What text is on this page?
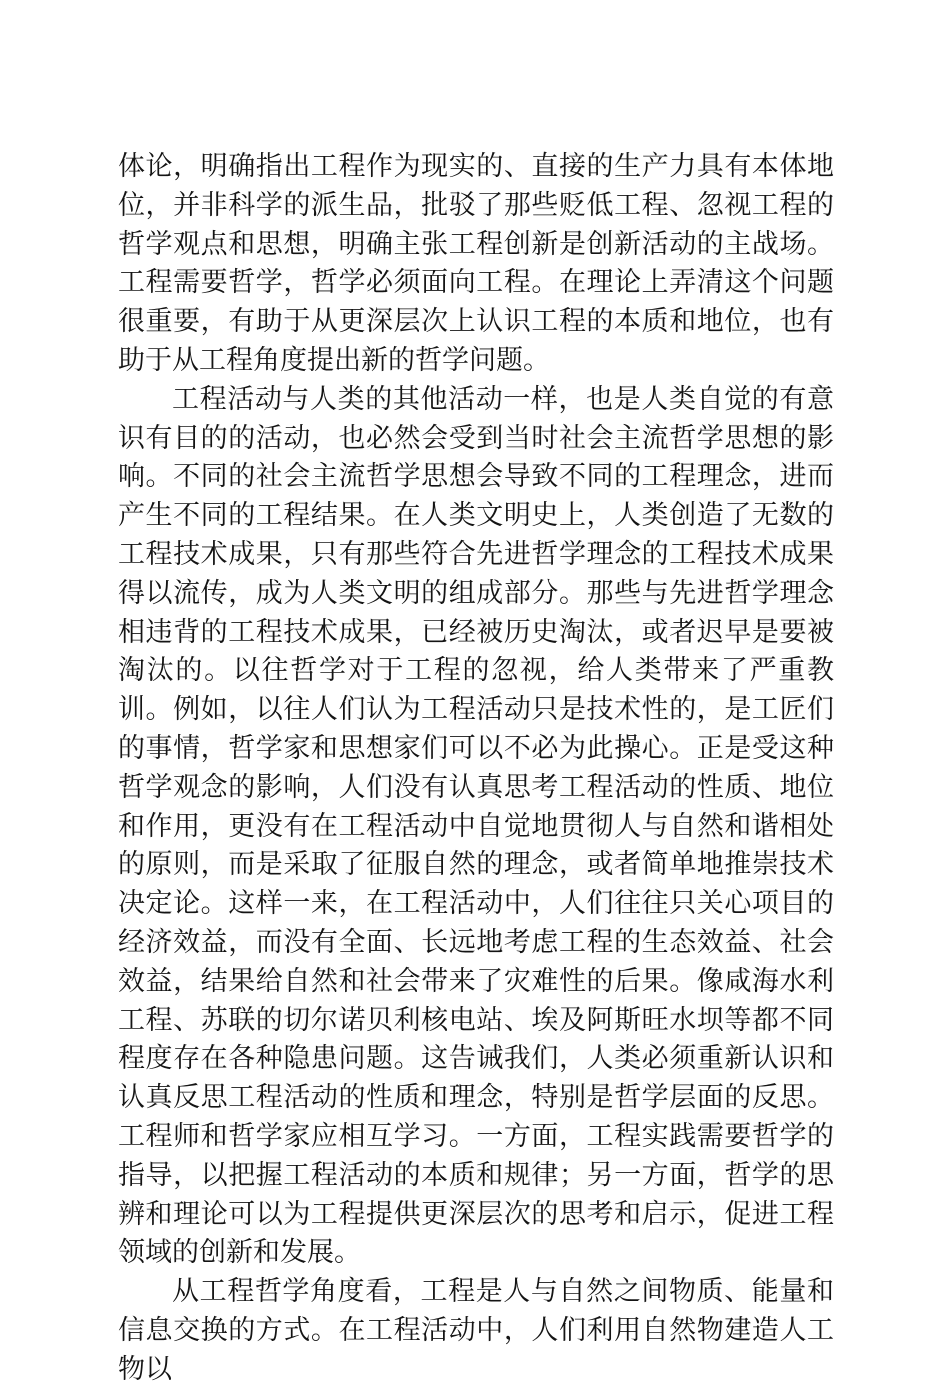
体论，明确指出工程作为现实的、直接的生产力具有本体地位，并非科学的派生品，批驳了那些贬低工程、忽视工程的哲学观点和思想，明确主张工程创新是创新活动的主战场。工程需要哲学，哲学必须面向工程。在理论上弄清这个问题很重要，有助于从更深层次上认识工程的本质和地位，也有助于从工程角度提出新的哲学问题。

工程活动与人类的其他活动一样，也是人类自觉的有意识有目的的活动，也必然会受到当时社会主流哲学思想的影响。不同的社会主流哲学思想会导致不同的工程理念，进而产生不同的工程结果。在人类文明史上，人类创造了无数的工程技术成果，只有那些符合先进哲学理念的工程技术成果得以流传，成为人类文明的组成部分。那些与先进哲学理念相违背的工程技术成果，已经被历史淘汰，或者迟早是要被淘汰的。以往哲学对于工程的忽视，给人类带来了严重教训。例如，以往人们认为工程活动只是技术性的，是工匠们的事情，哲学家和思想家们可以不必为此操心。正是受这种哲学观念的影响，人们没有认真思考工程活动的性质、地位和作用，更没有在工程活动中自觉地贯彻人与自然和谐相处的原则，而是采取了征服自然的理念，或者简单地推崇技术决定论。这样一来，在工程活动中，人们往往只关心项目的经济效益，而没有全面、长远地考虑工程的生态效益、社会效益，结果给自然和社会带来了灾难性的后果。像咸海水利工程、苏联的切尔诺贝利核电站、埃及阿斯旺水坝等都不同程度存在各种隐患问题。这告诫我们，人类必须重新认识和认真反思工程活动的性质和理念，特别是哲学层面的反思。工程师和哲学家应相互学习。一方面，工程实践需要哲学的指导，以把握工程活动的本质和规律；另一方面，哲学的思辨和理论可以为工程提供更深层次的思考和启示，促进工程领域的创新和发展。

从工程哲学角度看，工程是人与自然之间物质、能量和信息交换的方式。在工程活动中，人们利用自然物建造人工物以
